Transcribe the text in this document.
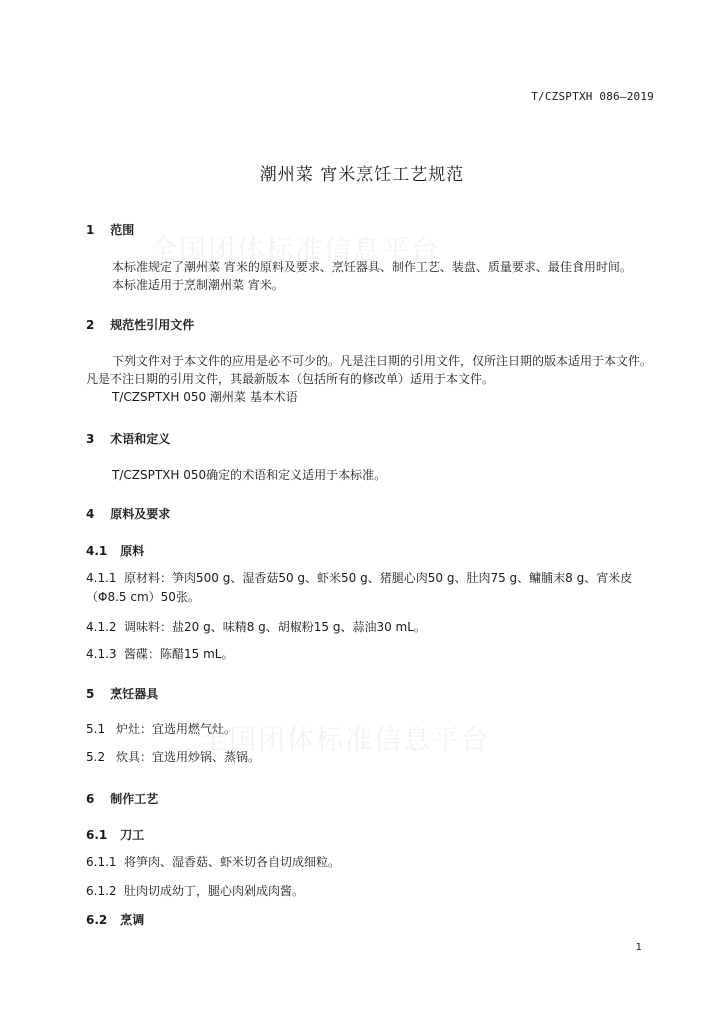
全国团体标准信息平台
全国团体标准信息平台
T/CZSPTXH 086—2019
潮州菜 宵米烹饪工艺规范
1 范围
本标准规定了潮州菜 宵米的原料及要求、烹饪器具、制作工艺、装盘、质量要求、最佳食用时间。
本标准适用于烹制潮州菜 宵米。
2 规范性引用文件
下列文件对于本文件的应用是必不可少的。凡是注日期的引用文件，仅所注日期的版本适用于本文件。凡是不注日期的引用文件，其最新版本（包括所有的修改单）适用于本文件。
T/CZSPTXH 050 潮州菜 基本术语
3 术语和定义
T/CZSPTXH 050确定的术语和定义适用于本标准。
4 原料及要求
4.1 原料
4.1.1 原材料：笋肉500 g、湿香菇50 g、虾米50 g、猪腿心肉50 g、肚肉75 g、鳙脯末8 g、宵米皮（Φ8.5 cm）50张。
4.1.2 调味料：盐20 g、味精8 g、胡椒粉15 g、蒜油30 mL。
4.1.3 酱碟：陈醋15 mL。
5 烹饪器具
5.1 炉灶：宜选用燃气灶。
5.2 炊具：宜选用炒锅、蒸锅。
6 制作工艺
6.1 刀工
6.1.1 将笋肉、湿香菇、虾米切各自切成细粒。
6.1.2 肚肉切成幼丁，腿心肉剁成肉酱。
6.2 烹调
1
